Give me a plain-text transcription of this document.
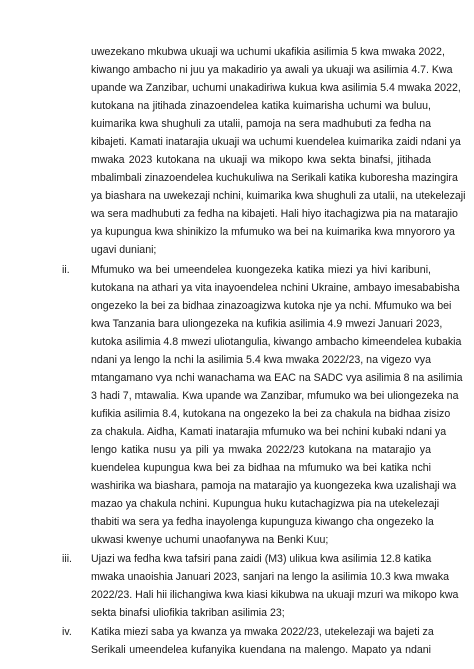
uwezekano mkubwa ukuaji wa uchumi ukafikia asilimia 5 kwa mwaka 2022,
kiwango ambacho ni juu ya makadirio ya awali ya ukuaji wa asilimia 4.7. Kwa
upande wa Zanzibar, uchumi unakadiriwa kukua kwa asilimia 5.4 mwaka 2022,
kutokana na jitihada zinazoendelea katika kuimarisha uchumi wa buluu,
kuimarika kwa shughuli za utalii, pamoja na sera madhubuti za fedha na
kibajeti. Kamati inatarajia ukuaji wa uchumi kuendelea kuimarika zaidi ndani ya
mwaka 2023 kutokana na ukuaji wa mikopo kwa sekta binafsi, jitihada
mbalimbali zinazoendelea kuchukuliwa na Serikali katika kuboresha mazingira
ya biashara na uwekezaji nchini, kuimarika kwa shughuli za utalii, na utekelezaji
wa sera madhubuti za fedha na kibajeti. Hali hiyo itachagizwa pia na matarajio
ya kupungua kwa shinikizo la mfumuko wa bei na kuimarika kwa mnyororo ya
ugavi duniani;
ii. Mfumuko wa bei umeendelea kuongezeka katika miezi ya hivi karibuni,
kutokana na athari ya vita inayoendelea nchini Ukraine, ambayo imesababisha
ongezeko la bei za bidhaa zinazoagizwa kutoka nje ya nchi. Mfumuko wa bei
kwa Tanzania bara uliongezeka na kufikia asilimia 4.9 mwezi Januari 2023,
kutoka asilimia 4.8 mwezi uliotangulia, kiwango ambacho kimeendelea kubakia
ndani ya lengo la nchi la asilimia 5.4 kwa mwaka 2022/23, na vigezo vya
mtangamano vya nchi wanachama wa EAC na SADC vya asilimia 8 na asilimia
3 hadi 7, mtawalia. Kwa upande wa Zanzibar, mfumuko wa bei uliongezeka na
kufikia asilimia 8.4, kutokana na ongezeko la bei za chakula na bidhaa zisizo
za chakula. Aidha, Kamati inatarajia mfumuko wa bei nchini kubaki ndani ya
lengo katika nusu ya pili ya mwaka 2022/23 kutokana na matarajio ya
kuendelea kupungua kwa bei za bidhaa na mfumuko wa bei katika nchi
washirika wa biashara, pamoja na matarajio ya kuongezeka kwa uzalishaji wa
mazao ya chakula nchini. Kupungua huku kutachagizwa pia na utekelezaji
thabiti wa sera ya fedha inayolenga kupunguza kiwango cha ongezeko la
ukwasi kwenye uchumi unaofanywa na Benki Kuu;
iii. Ujazi wa fedha kwa tafsiri pana zaidi (M3) ulikua kwa asilimia 12.8 katika
mwaka unaoishia Januari 2023, sanjari na lengo la asilimia 10.3 kwa mwaka
2022/23. Hali hii ilichangiwa kwa kiasi kikubwa na ukuaji mzuri wa mikopo kwa
sekta binafsi uliofikia takriban asilimia 23;
iv. Katika miezi saba ya kwanza ya mwaka 2022/23, utekelezaji wa bajeti za
Serikali umeendelea kufanyika kuendana na malengo. Mapato ya ndani
